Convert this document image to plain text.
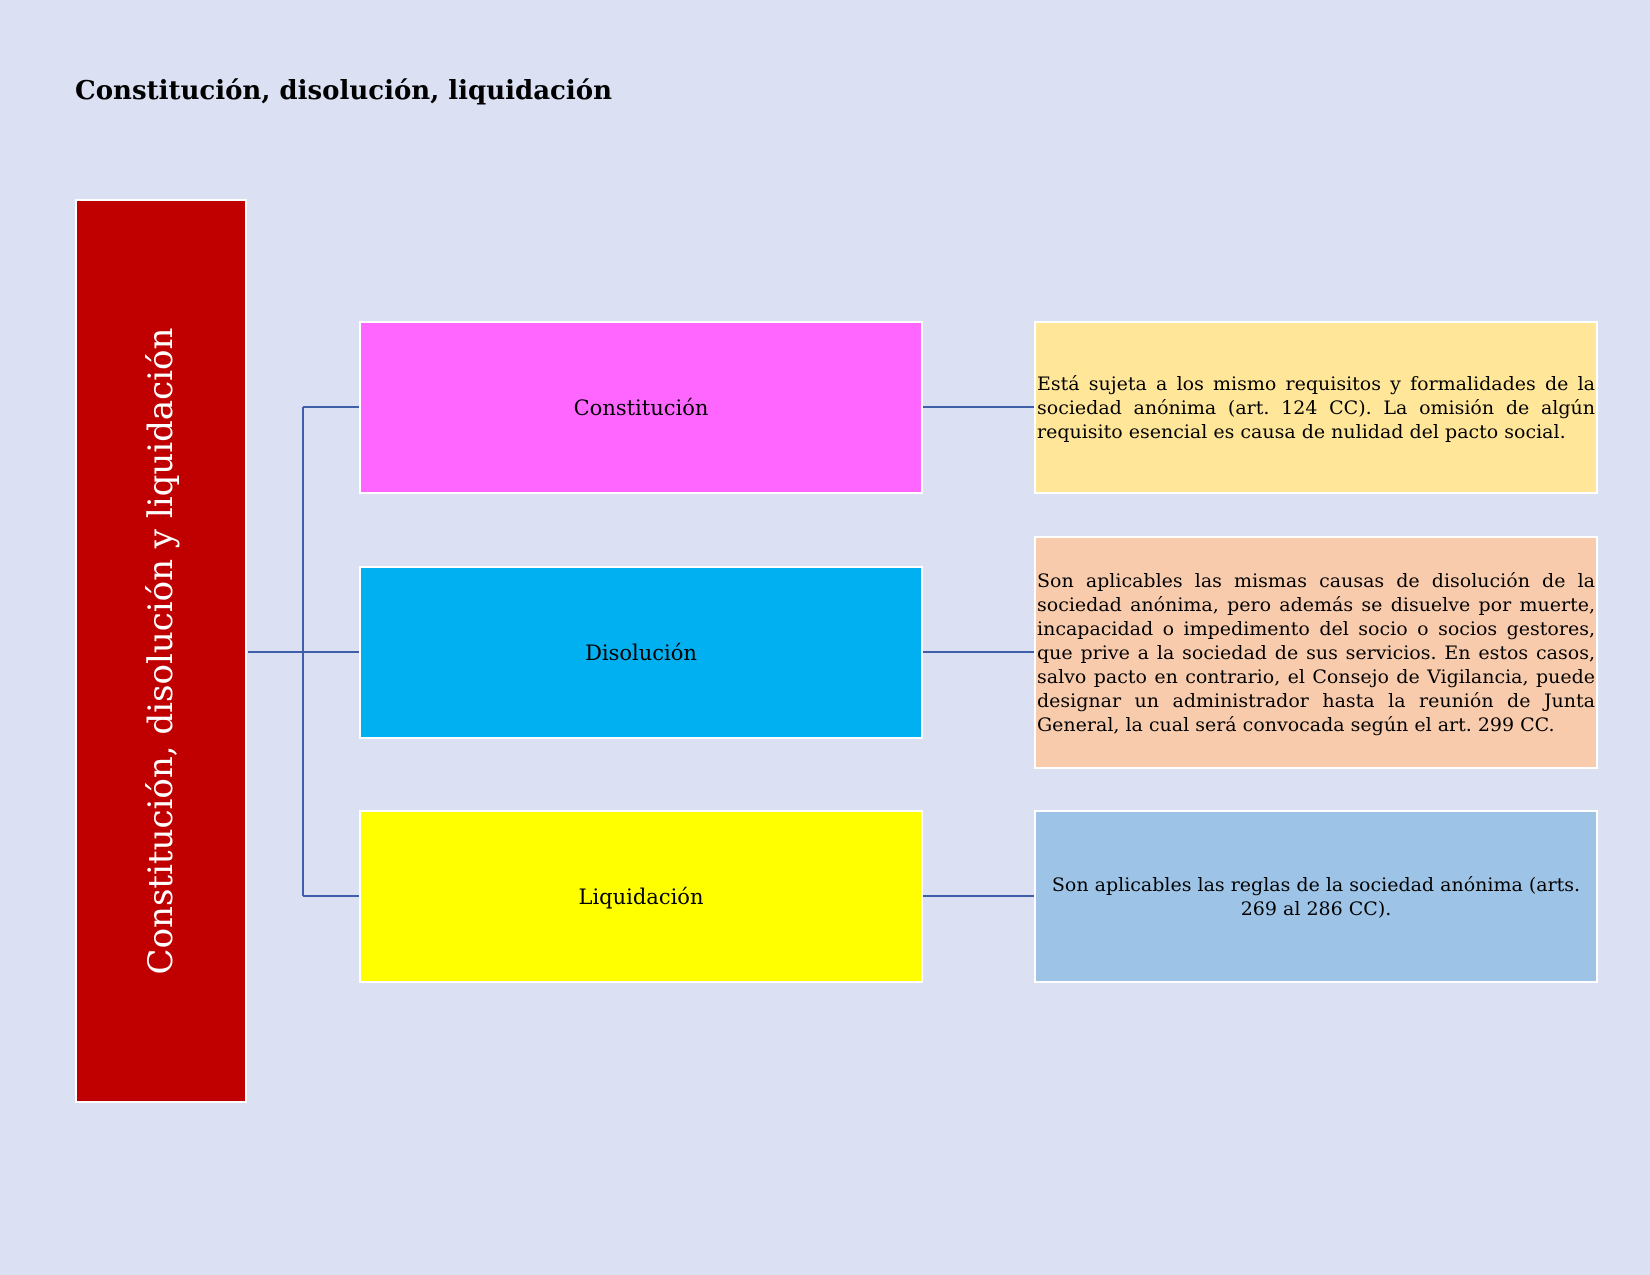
Constitución, disolución, liquidación
Constitución, disolución y liquidación	Constitución
Disolución
Liquidación
Está sujeta a los mismo requisitos y formalidades de la sociedad anónima (art. 124 CC). La omisión de algún requisito esencial es causa de nulidad del pacto social.
Son aplicables las mismas causas de disolución de la sociedad anónima, pero además se disuelve por muerte, incapacidad o impedimento del socio o socios gestores, que prive a la sociedad de sus servicios. En estos casos, salvo pacto en contrario, el Consejo de Vigilancia, puede designar un administrador hasta la reunión de Junta General, la cual será convocada según el art. 299 CC.
Son aplicables las reglas de la sociedad anónima (arts. 269 al 286 CC).
